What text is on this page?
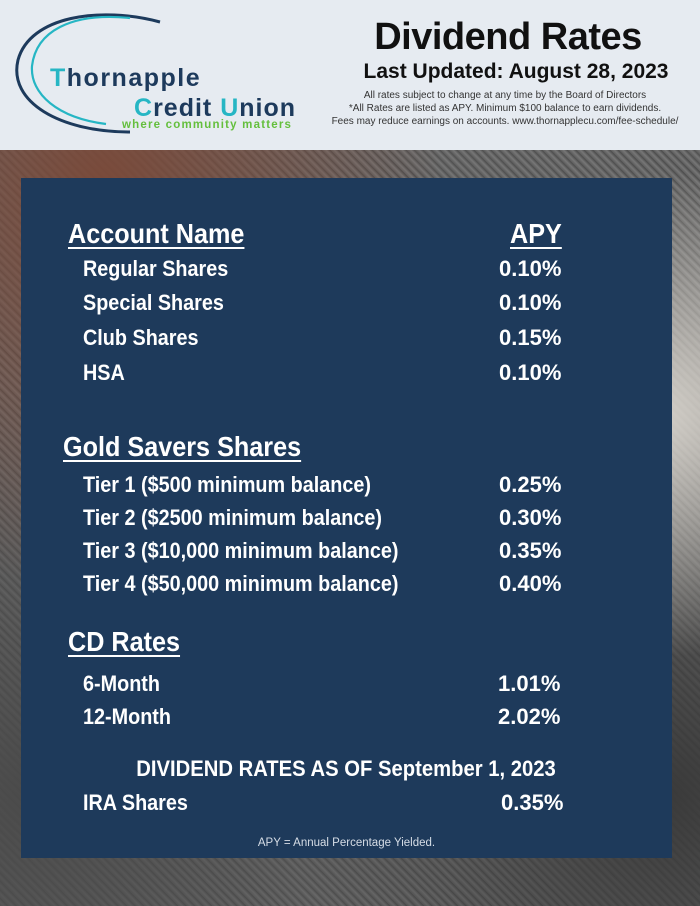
Thornapple
Credit Union
where community matters
Dividend Rates
Last Updated: August 28, 2023
All rates subject to change at any time by the Board of Directors
*All Rates are listed as APY. Minimum $100 balance to earn dividends.
Fees may reduce earnings on accounts. www.thornapplecu.com/fee-schedule/
Account Name	APY
Regular Shares	0.10%
Special Shares	0.10%
Club Shares	0.15%
HSA	0.10%
Gold Savers Shares
Tier 1 ($500 minimum balance)	0.25%
Tier 2 ($2500 minimum balance)	0.30%
Tier 3 ($10,000 minimum balance)	0.35%
Tier 4 ($50,000 minimum balance)	0.40%
CD Rates
6-Month	1.01%
12-Month	2.02%
DIVIDEND RATES AS OF September 1, 2023
IRA Shares	0.35%
APY = Annual Percentage Yielded.
